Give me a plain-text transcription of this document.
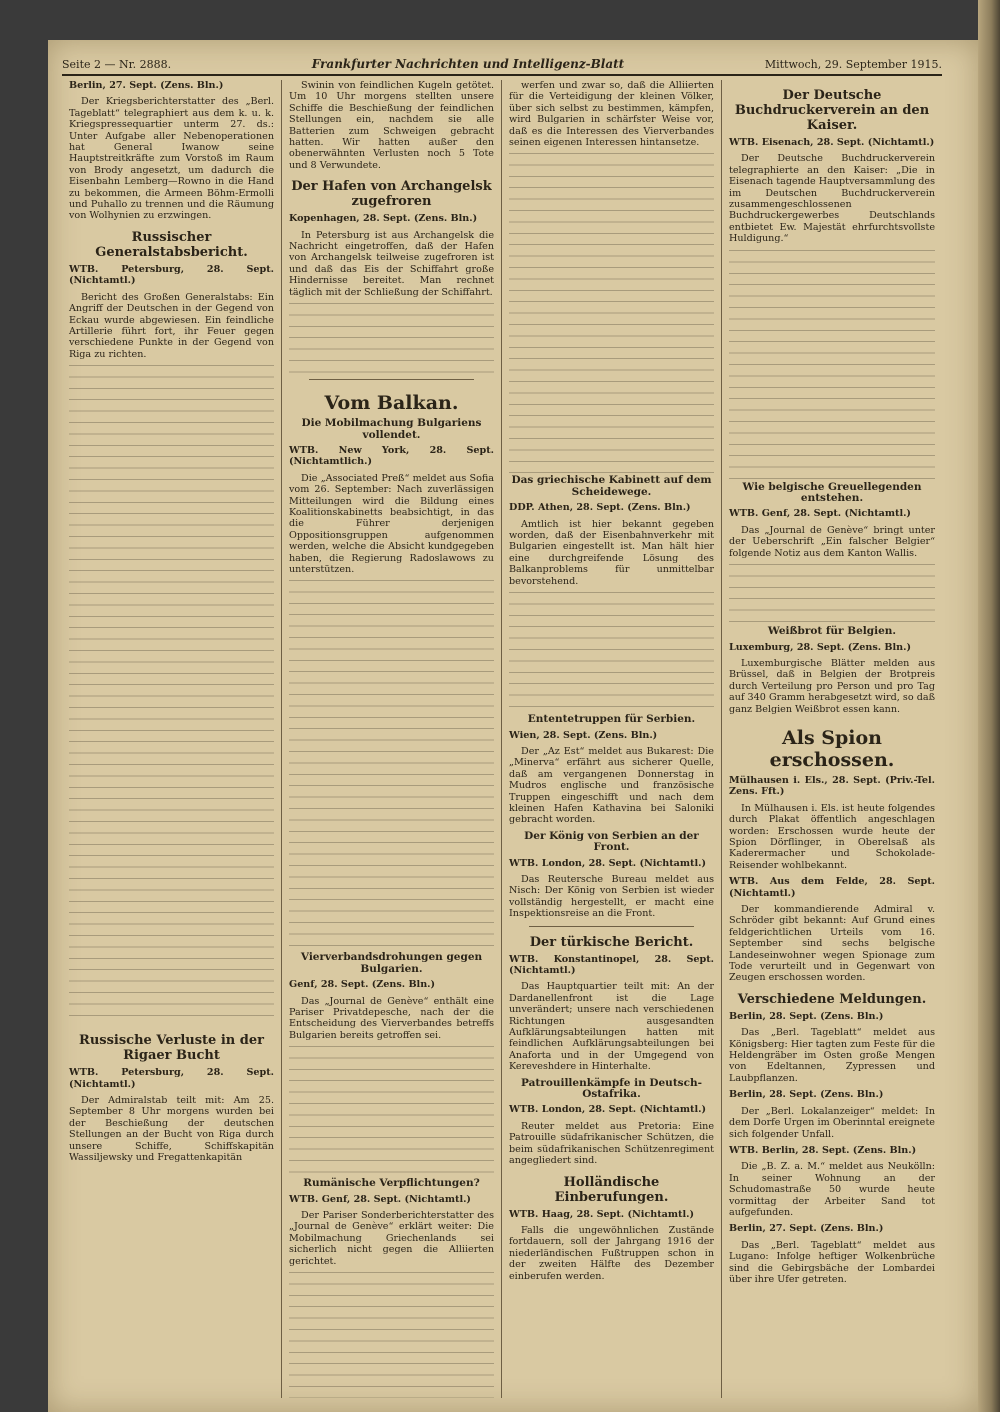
Seite 2 — Nr. 2888.	Frankfurter Nachrichten und Intelligenz-Blatt	Mittwoch, 29. September 1915.

Berlin, 27. Sept. (Zens. Bln.)

Der Kriegsberichterstatter des „Berl. Tageblatt“ telegraphiert aus dem k. u. k. Kriegspressequartier unterm 27. ds.: Unter Aufgabe aller Nebenoperationen hat General Iwanow seine Hauptstreitkräfte zum Vorstoß im Raum von Brody angesetzt, um dadurch die Eisenbahn Lemberg—Rowno in die Hand zu bekommen, die Armeen Böhm-Ermolli und Puhallo zu trennen und die Räumung von Wolhynien zu erzwingen.

Russischer Generalstabsbericht.

WTB. Petersburg, 28. Sept. (Nichtamtl.)

Bericht des Großen Generalstabs: Ein Angriff der Deutschen in der Gegend von Eckau wurde abgewiesen. Ein feindliche Artillerie führt fort, ihr Feuer gegen verschiedene Punkte in der Gegend von Riga zu richten.

Russische Verluste in der Rigaer Bucht

WTB. Petersburg, 28. Sept. (Nichtamtl.)

Der Admiralstab teilt mit: Am 25. September 8 Uhr morgens wurden bei der Beschießung der deutschen Stellungen an der Bucht von Riga durch unsere Schiffe, Schiffskapitän Wassiljewsky und Fregattenkapitän

Swinin von feindlichen Kugeln getötet. Um 10 Uhr morgens stellten unsere Schiffe die Beschießung der feindlichen Stellungen ein, nachdem sie alle Batterien zum Schweigen gebracht hatten. Wir hatten außer den obenerwähnten Verlusten noch 5 Tote und 8 Verwundete.

Der Hafen von Archangelsk zugefroren

Kopenhagen, 28. Sept. (Zens. Bln.)

In Petersburg ist aus Archangelsk die Nachricht eingetroffen, daß der Hafen von Archangelsk teilweise zugefroren ist und daß das Eis der Schiffahrt große Hindernisse bereitet. Man rechnet täglich mit der Schließung der Schiffahrt.

Vom Balkan.
Die Mobilmachung Bulgariens vollendet.

WTB. New York, 28. Sept. (Nichtamtlich.)

Die „Associated Preß“ meldet aus Sofia vom 26. September: Nach zuverlässigen Mitteilungen wird die Bildung eines Koalitionskabinetts beabsichtigt, in das die Führer derjenigen Oppositionsgruppen aufgenommen werden, welche die Absicht kundgegeben haben, die Regierung Radoslawows zu unterstützen.

Vierverbandsdrohungen gegen Bulgarien.

Genf, 28. Sept. (Zens. Bln.)

Das „Journal de Genève“ enthält eine Pariser Privatdepesche, nach der die Entscheidung des Vierverbandes betreffs Bulgarien bereits getroffen sei.

Rumänische Verpflichtungen?

WTB. Genf, 28. Sept. (Nichtamtl.)

Der Pariser Sonderberichterstatter des „Journal de Genève“ erklärt weiter: Die Mobilmachung Griechenlands sei sicherlich nicht gegen die Alliierten gerichtet.

werfen und zwar so, daß die Alliierten für die Verteidigung der kleinen Völker, über sich selbst zu bestimmen, kämpfen, wird Bulgarien in schärfster Weise vor, daß es die Interessen des Vierverbandes seinen eigenen Interessen hintansetze.

Das griechische Kabinett auf dem Scheidewege.

DDP. Athen, 28. Sept. (Zens. Bln.)

Amtlich ist hier bekannt gegeben worden, daß der Eisenbahnverkehr mit Bulgarien eingestellt ist. Man hält hier eine durchgreifende Lösung des Balkanproblems für unmittelbar bevorstehend.

Ententetruppen für Serbien.

Wien, 28. Sept. (Zens. Bln.)

Der „Az Est“ meldet aus Bukarest: Die „Minerva“ erfährt aus sicherer Quelle, daß am vergangenen Donnerstag in Mudros englische und französische Truppen eingeschifft und nach dem kleinen Hafen Kathavina bei Saloniki gebracht worden.

Der König von Serbien an der Front.

WTB. London, 28. Sept. (Nichtamtl.)

Das Reutersche Bureau meldet aus Nisch: Der König von Serbien ist wieder vollständig hergestellt, er macht eine Inspektionsreise an die Front.

Der türkische Bericht.

WTB. Konstantinopel, 28. Sept. (Nichtamtl.)

Das Hauptquartier teilt mit: An der Dardanellenfront ist die Lage unverändert; unsere nach verschiedenen Richtungen ausgesandten Aufklärungsabteilungen hatten mit feindlichen Aufklärungsabteilungen bei Anaforta und in der Umgegend von Kereveshdere in Hinterhalte.

Patrouillenkämpfe in Deutsch-Ostafrika.

WTB. London, 28. Sept. (Nichtamtl.)

Reuter meldet aus Pretoria: Eine Patrouille südafrikanischer Schützen, die beim südafrikanischen Schützenregiment angegliedert sind.

Holländische Einberufungen.

WTB. Haag, 28. Sept. (Nichtamtl.)

Falls die ungewöhnlichen Zustände fortdauern, soll der Jahrgang 1916 der niederländischen Fußtruppen schon in der zweiten Hälfte des Dezember einberufen werden.

Der Deutsche Buchdruckerverein an den Kaiser.

WTB. Eisenach, 28. Sept. (Nichtamtl.)

Der Deutsche Buchdruckerverein telegraphierte an den Kaiser: „Die in Eisenach tagende Hauptversammlung des im Deutschen Buchdruckerverein zusammengeschlossenen Buchdruckergewerbes Deutschlands entbietet Ew. Majestät ehrfurchtsvollste Huldigung.“

Wie belgische Greuellegenden entstehen.

WTB. Genf, 28. Sept. (Nichtamtl.)

Das „Journal de Genève“ bringt unter der Ueberschrift „Ein falscher Belgier“ folgende Notiz aus dem Kanton Wallis.

Weißbrot für Belgien.

Luxemburg, 28. Sept. (Zens. Bln.)

Luxemburgische Blätter melden aus Brüssel, daß in Belgien der Brotpreis durch Verteilung pro Person und pro Tag auf 340 Gramm herabgesetzt wird, so daß ganz Belgien Weißbrot essen kann.

Als Spion erschossen.

Mülhausen i. Els., 28. Sept. (Priv.-Tel. Zens. Fft.)

In Mülhausen i. Els. ist heute folgendes durch Plakat öffentlich angeschlagen worden: Erschossen wurde heute der Spion Dörflinger, in Oberelsaß als Kaderermacher und Schokolade-Reisender wohlbekannt.

WTB. Aus dem Felde, 28. Sept. (Nichtamtl.)

Der kommandierende Admiral v. Schröder gibt bekannt: Auf Grund eines feldgerichtlichen Urteils vom 16. September sind sechs belgische Landeseinwohner wegen Spionage zum Tode verurteilt und in Gegenwart von Zeugen erschossen worden.

Verschiedene Meldungen.

Berlin, 28. Sept. (Zens. Bln.)

Das „Berl. Tageblatt“ meldet aus Königsberg: Hier tagten zum Feste für die Heldengräber im Osten große Mengen von Edeltannen, Zypressen und Laubpflanzen.

Berlin, 28. Sept. (Zens. Bln.)

Der „Berl. Lokalanzeiger“ meldet: In dem Dorfe Urgen im Oberinntal ereignete sich folgender Unfall.

WTB. Berlin, 28. Sept. (Zens. Bln.)

Die „B. Z. a. M.“ meldet aus Neukölln: In seiner Wohnung an der Schudomastraße 50 wurde heute vormittag der Arbeiter Sand tot aufgefunden.

Berlin, 27. Sept. (Zens. Bln.)

Das „Berl. Tageblatt“ meldet aus Lugano: Infolge heftiger Wolkenbrüche sind die Gebirgsbäche der Lombardei über ihre Ufer getreten.
